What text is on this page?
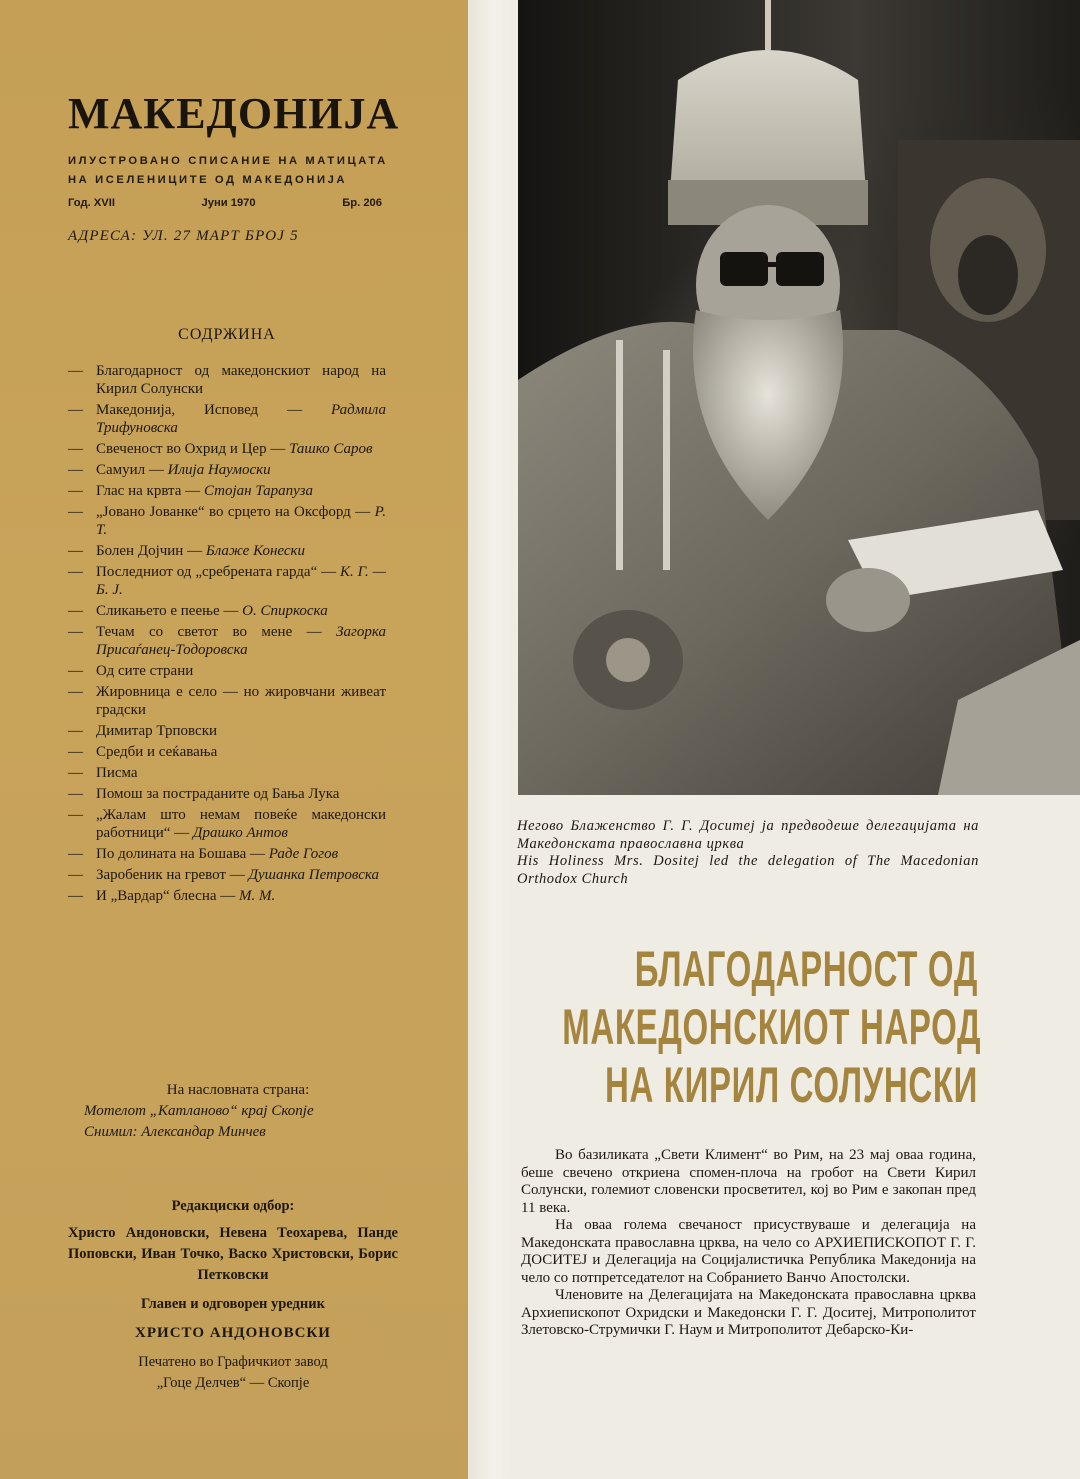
МАКЕДОНИЈА
ИЛУСТРОВАНО СПИСАНИЕ НА МАТИЦАТА
НА ИСЕЛЕНИЦИТЕ ОД МАКЕДОНИЈА
Год. XVII	Јуни 1970	Бр. 206
АДРЕСА: УЛ. 27 МАРТ БРОЈ 5
СОДРЖИНА
— Благодарност од македонскиот народ на Кирил Солунски
— Македонија, Исповед — Радмила Трифуновска
— Свеченост во Охрид и Цер — Ташко Саров
— Самуил — Илија Наумоски
— Глас на крвта — Стојан Тарапуза
— „Јовано Јованке“ во срцето на Оксфорд — Р. Т.
— Болен Дојчин — Блаже Конески
— Последниот од „сребрената гарда“ — К. Г. — Б. Ј.
— Сликањето е пеење — О. Спиркоска
— Течам со светот во мене — Загорка Присаѓанец-Тодоровска
— Од сите страни
— Жировница е село — но жировчани живеат градски
— Димитар Трповски
— Средби и сеќавања
— Писма
— Помош за постраданите од Бања Лука
— „Жалам што немам повеќе македонски работници“ — Драшко Антов
— По долината на Бошава — Раде Гогов
— Заробеник на гревот — Душанка Петровска
— И „Вардар“ блесна — М. М.
На насловната страна:
Мотелот „Катланово“ крај Скопје
Снимил: Александар Минчев
Редакциски одбор:
Христо Андоновски, Невена Теохарева, Панде Поповски, Иван Точко, Васко Христовски, Борис Петковски
Главен и одговорен уредник
ХРИСТО АНДОНОВСКИ
Печатено во Графичкиот завод
„Гоце Делчев“ — Скопје
Негово Блаженство Г. Г. Доситеј ја предводеше делегацијата на Македонската православна црква
His Holiness Mrs. Dositej led the delegation of The Macedonian Orthodox Church
БЛАГОДАРНОСТ ОД
МАКЕДОНСКИОТ НАРОД
НА КИРИЛ СОЛУНСКИ

Во базиликата „Свети Климент“ во Рим, на 23 мај оваа година, беше свечено откриена спомен-плоча на гробот на Свети Кирил Солунски, големиот словенски просветител, кој во Рим е закопан пред 11 века.

На оваа голема свечаност присуствуваше и делегација на Македонската православна црква, на чело со АРХИЕПИСКОПОТ Г. Г. ДОСИТЕЈ и Делегација на Социјалистичка Република Македонија на чело со потпретседателот на Собранието Ванчо Апостолски.

Членовите на Делегацијата на Македонската православна црква Архиепископот Охридски и Македонски Г. Г. Доситеј, Митрополитот Злетовско-Струмички Г. Наум и Митрополитот Дебарско-Ки-
